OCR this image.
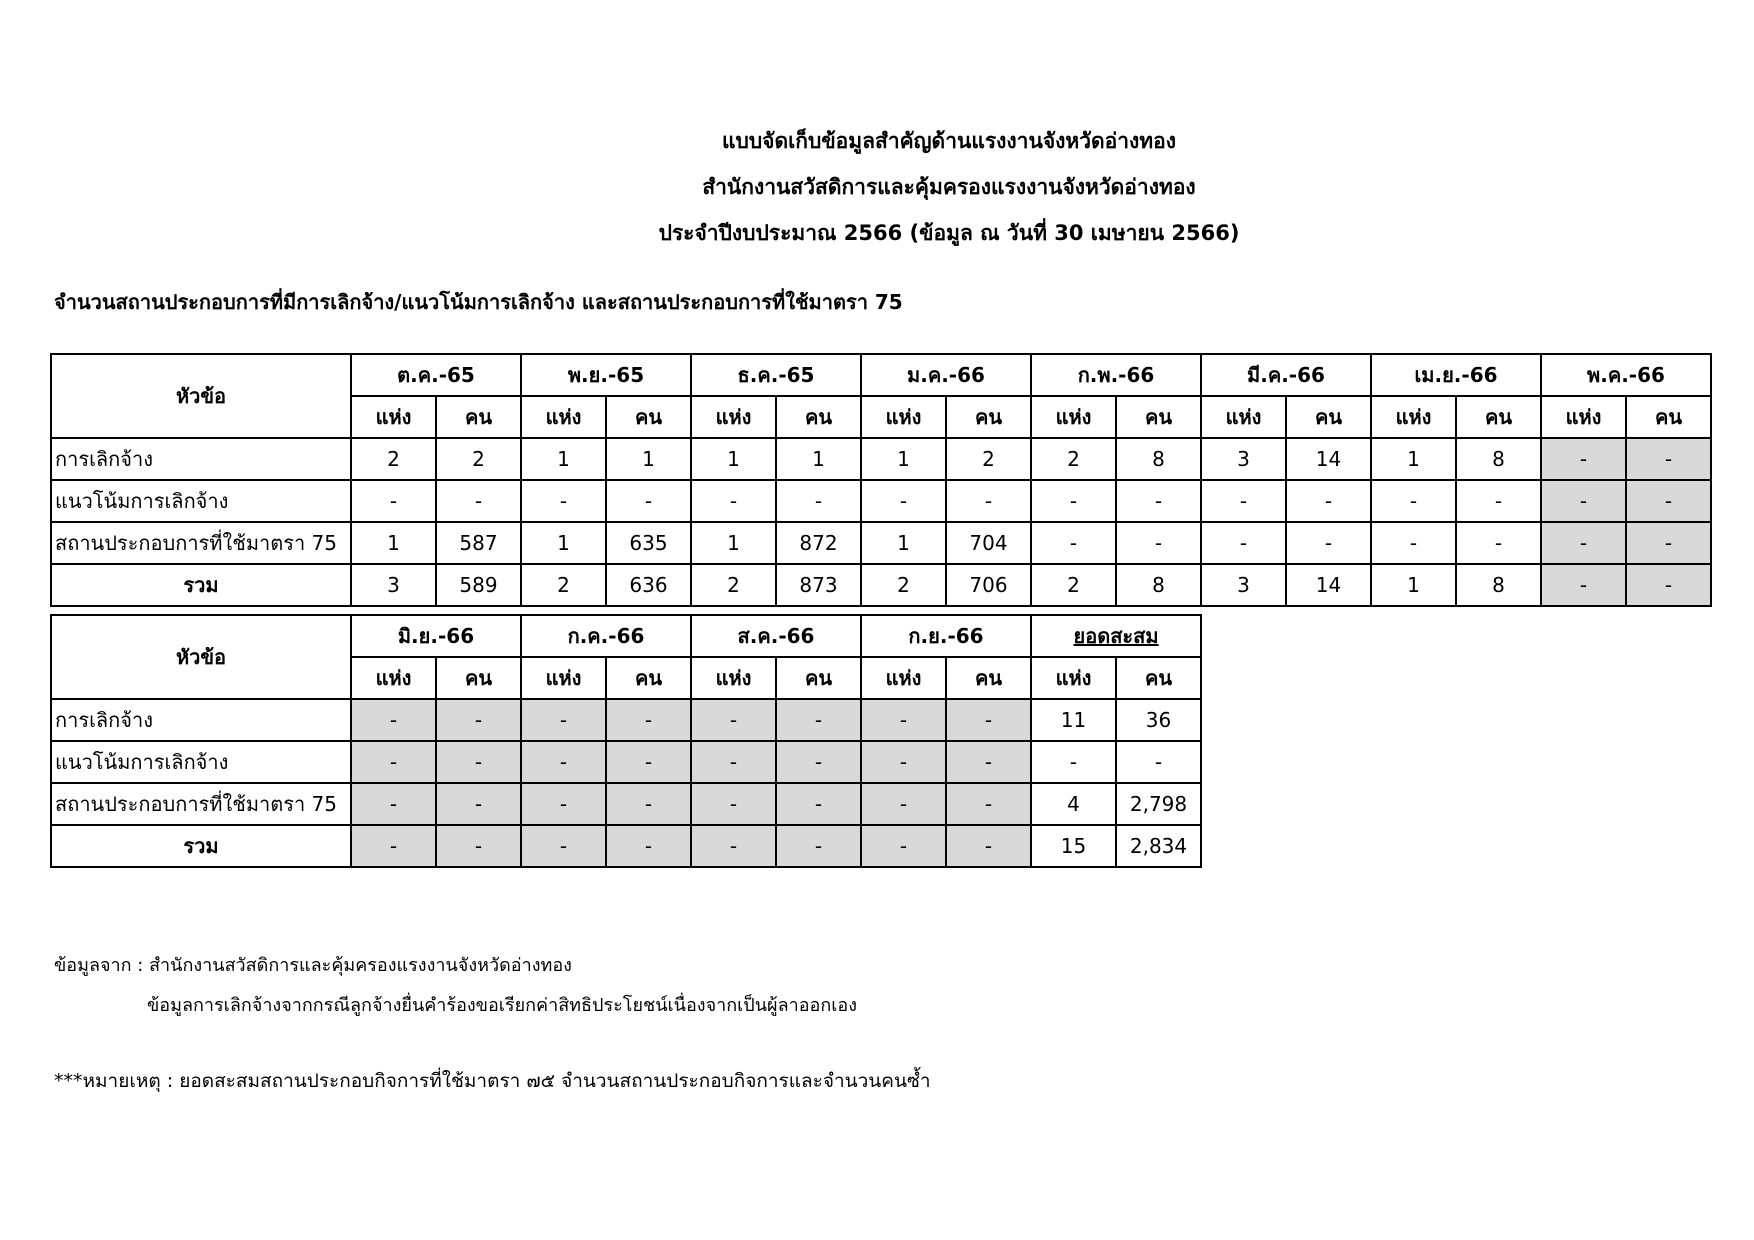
แบบจัดเก็บข้อมูลสำคัญด้านแรงงานจังหวัดอ่างทอง
สำนักงานสวัสดิการและคุ้มครองแรงงานจังหวัดอ่างทอง
ประจำปีงบประมาณ 2566 (ข้อมูล ณ วันที่ 30 เมษายน 2566)
จำนวนสถานประกอบการที่มีการเลิกจ้าง/แนวโน้มการเลิกจ้าง และสถานประกอบการที่ใช้มาตรา 75
หัวข้อ	ต.ค.-65		พ.ย.-65		ธ.ค.-65		ม.ค.-66		ก.พ.-66		มี.ค.-66		เม.ย.-66		พ.ค.-66	
	แห่ง	คน	แห่ง	คน	แห่ง	คน	แห่ง	คน	แห่ง	คน	แห่ง	คน	แห่ง	คน	แห่ง	คน
การเลิกจ้าง	2	2	1	1	1	1	1	2	2	8	3	14	1	8	-	-
แนวโน้มการเลิกจ้าง	-	-	-	-	-	-	-	-	-	-	-	-	-	-	-	-
สถานประกอบการที่ใช้มาตรา 75	1	587	1	635	1	872	1	704	-	-	-	-	-	-	-	-
รวม	3	589	2	636	2	873	2	706	2	8	3	14	1	8	-	-
หัวข้อ	มิ.ย.-66		ก.ค.-66		ส.ค.-66		ก.ย.-66		ยอดสะสม				
	แห่ง	คน	แห่ง	คน	แห่ง	คน	แห่ง	คน	แห่ง	คน			
การเลิกจ้าง	-	-	-	-	-	-	-	-	11	36			
แนวโน้มการเลิกจ้าง	-	-	-	-	-	-	-	-	-	-			
สถานประกอบการที่ใช้มาตรา 75	-	-	-	-	-	-	-	-	4	2,798			
รวม	-	-	-	-	-	-	-	-	15	2,834			
ข้อมูลจาก : สำนักงานสวัสดิการและคุ้มครองแรงงานจังหวัดอ่างทอง
ข้อมูลการเลิกจ้างจากกรณีลูกจ้างยื่นคำร้องขอเรียกค่าสิทธิประโยชน์เนื่องจากเป็นผู้ลาออกเอง
***หมายเหตุ : ยอดสะสมสถานประกอบกิจการที่ใช้มาตรา ๗๕ จำนวนสถานประกอบกิจการและจำนวนคนซ้ำ
